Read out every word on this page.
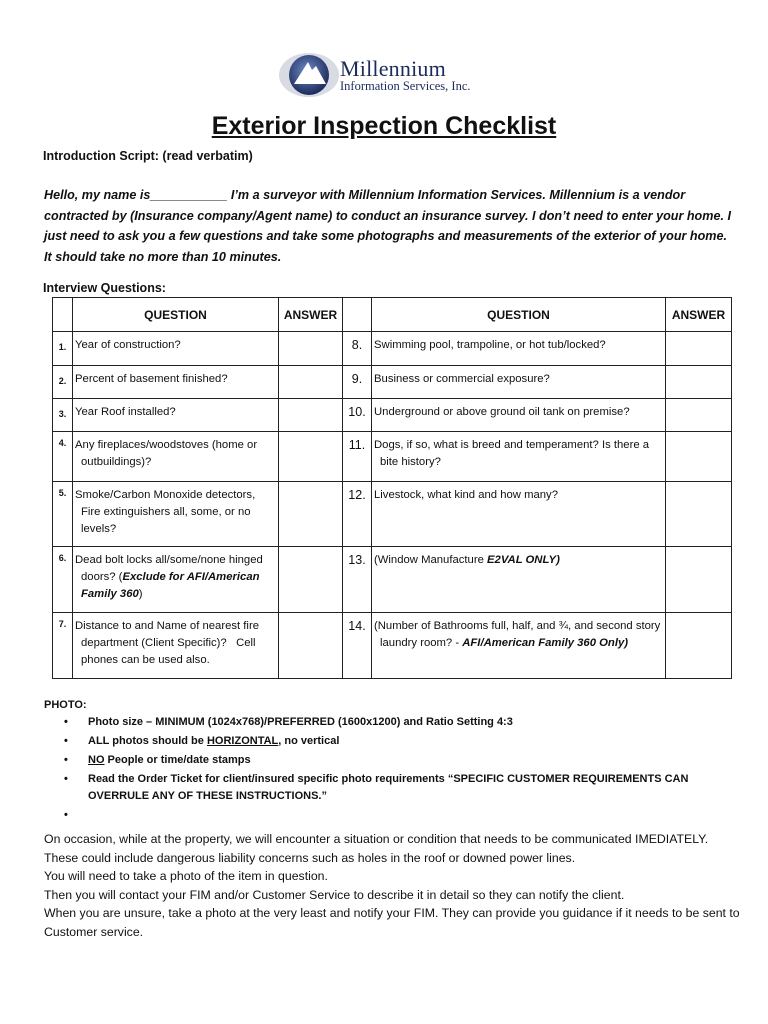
Millennium
Information Services, Inc.
Exterior Inspection Checklist
Introduction Script: (read verbatim)
Hello, my name is___________ I’m a surveyor with Millennium Information Services. Millennium is a vendor contracted by (Insurance company/Agent name) to conduct an insurance survey. I don’t need to enter your home. I just need to ask you a few questions and take some photographs and measurements of the exterior of your home. It should take no more than 10 minutes.
Interview Questions:
	QUESTION	ANSWER		QUESTION	ANSWER
1.	Year of construction?		8.	Swimming pool, trampoline, or hot tub/locked?	
2.	Percent of basement finished?		9.	Business or commercial exposure?	
3.	Year Roof installed?		10.	Underground or above ground oil tank on premise?	
4.	Any fireplaces/woodstoves (home or
outbuildings)?		11.	Dogs, if so, what is breed and temperament? Is there a
bite history?	

5.	Smoke/Carbon Monoxide detectors,
Fire extinguishers all, some, or no
levels?		12.	Livestock, what kind and how many?	
6.	Dead bolt locks all/some/none hinged
doors? (Exclude for AFI/American
Family 360)		13.	(Window Manufacture E2VAL ONLY)	
7.	Distance to and Name of nearest fire
department (Client Specific)?   Cell
phones can be used also.		14.	(Number of Bathrooms full, half, and ¾, and second story
laundry room? - AFI/American Family 360 Only)	

PHOTO:
• Photo size – MINIMUM (1024x768)/PREFERRED (1600x1200) and Ratio Setting 4:3
• ALL photos should be HORIZONTAL, no vertical
• NO People or time/date stamps
• Read the Order Ticket for client/insured specific photo requirements “SPECIFIC CUSTOMER REQUIREMENTS CAN OVERRULE ANY OF THESE INSTRUCTIONS.”
•

On occasion, while at the property, we will encounter a situation or condition that needs to be communicated IMEDIATELY.

These could include dangerous liability concerns such as holes in the roof or downed power lines.

You will need to take a photo of the item in question.

Then you will contact your FIM and/or Customer Service to describe it in detail so they can notify the client.

When you are unsure, take a photo at the very least and notify your FIM. They can provide you guidance if it needs to be sent to Customer service.
